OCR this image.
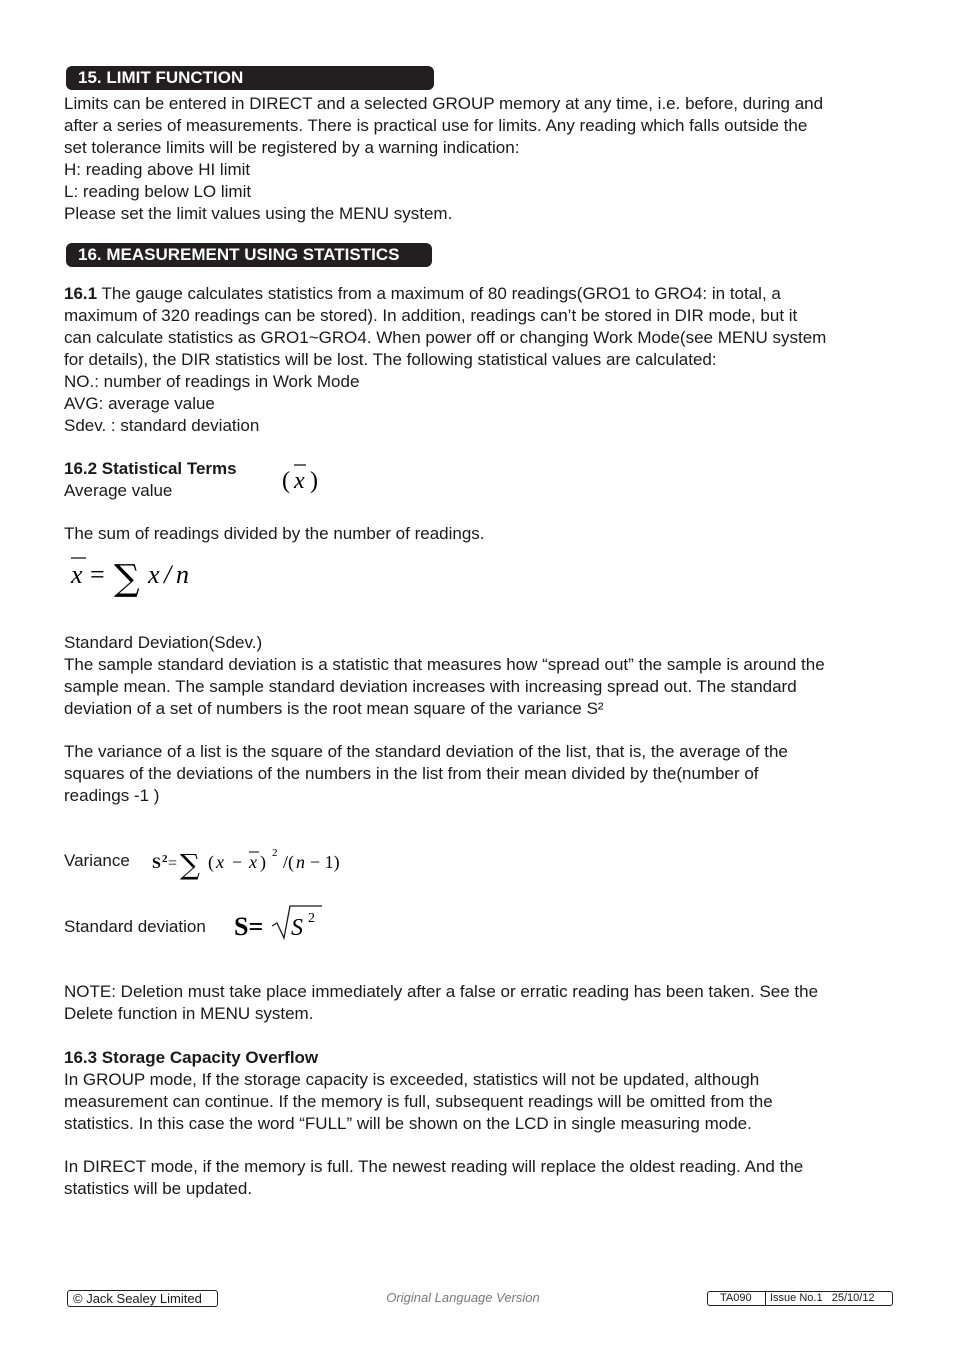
15. LIMIT FUNCTION

Limits can be entered in DIRECT and a selected GROUP memory at any time, i.e. before, during and

after a series of measurements. There is practical use for limits. Any reading which falls outside the

set tolerance limits will be registered by a warning indication:

H: reading above HI limit

L: reading below LO limit

Please set the limit values using the MENU system.

16. MEASUREMENT USING STATISTICS

16.1 The gauge calculates statistics from a maximum of 80 readings(GRO1 to GRO4: in total, a

maximum of 320 readings can be stored). In addition, readings can’t be stored in DIR mode, but it

can calculate statistics as GRO1~GRO4. When power off or changing Work Mode(see MENU system

for details), the DIR statistics will be lost. The following statistical values are calculated:

NO.: number of readings in Work Mode

AVG: average value

Sdev. : standard deviation

16.2 Statistical Terms

Average value	( x )

The sum of readings divided by the number of readings.

x = ∑ x / n

Standard Deviation(Sdev.)

The sample standard deviation is a statistic that measures how “spread out” the sample is around the

sample mean. The sample standard deviation increases with increasing spread out. The standard

deviation of a set of numbers is the root mean square of the variance S²

The variance of a list is the square of the standard deviation of the list, that is, the average of the

squares of the deviations of the numbers in the list from their mean divided by the(number of

readings -1 )

Variance	S 2 = ∑ ( x − x ) 2 /( n − 1)

Standard deviation	S= S 2

NOTE: Deletion must take place immediately after a false or erratic reading has been taken. See the

Delete function in MENU system.

16.3 Storage Capacity Overflow

In GROUP mode, If the storage capacity is exceeded, statistics will not be updated, although

measurement can continue. If the memory is full, subsequent readings will be omitted from the

statistics. In this case the word “FULL” will be shown on the LCD in single measuring mode.

In DIRECT mode, if the memory is full. The newest reading will replace the oldest reading. And the

statistics will be updated.

© Jack Sealey Limited	Original Language Version	TA090	Issue No.1   25/10/12
